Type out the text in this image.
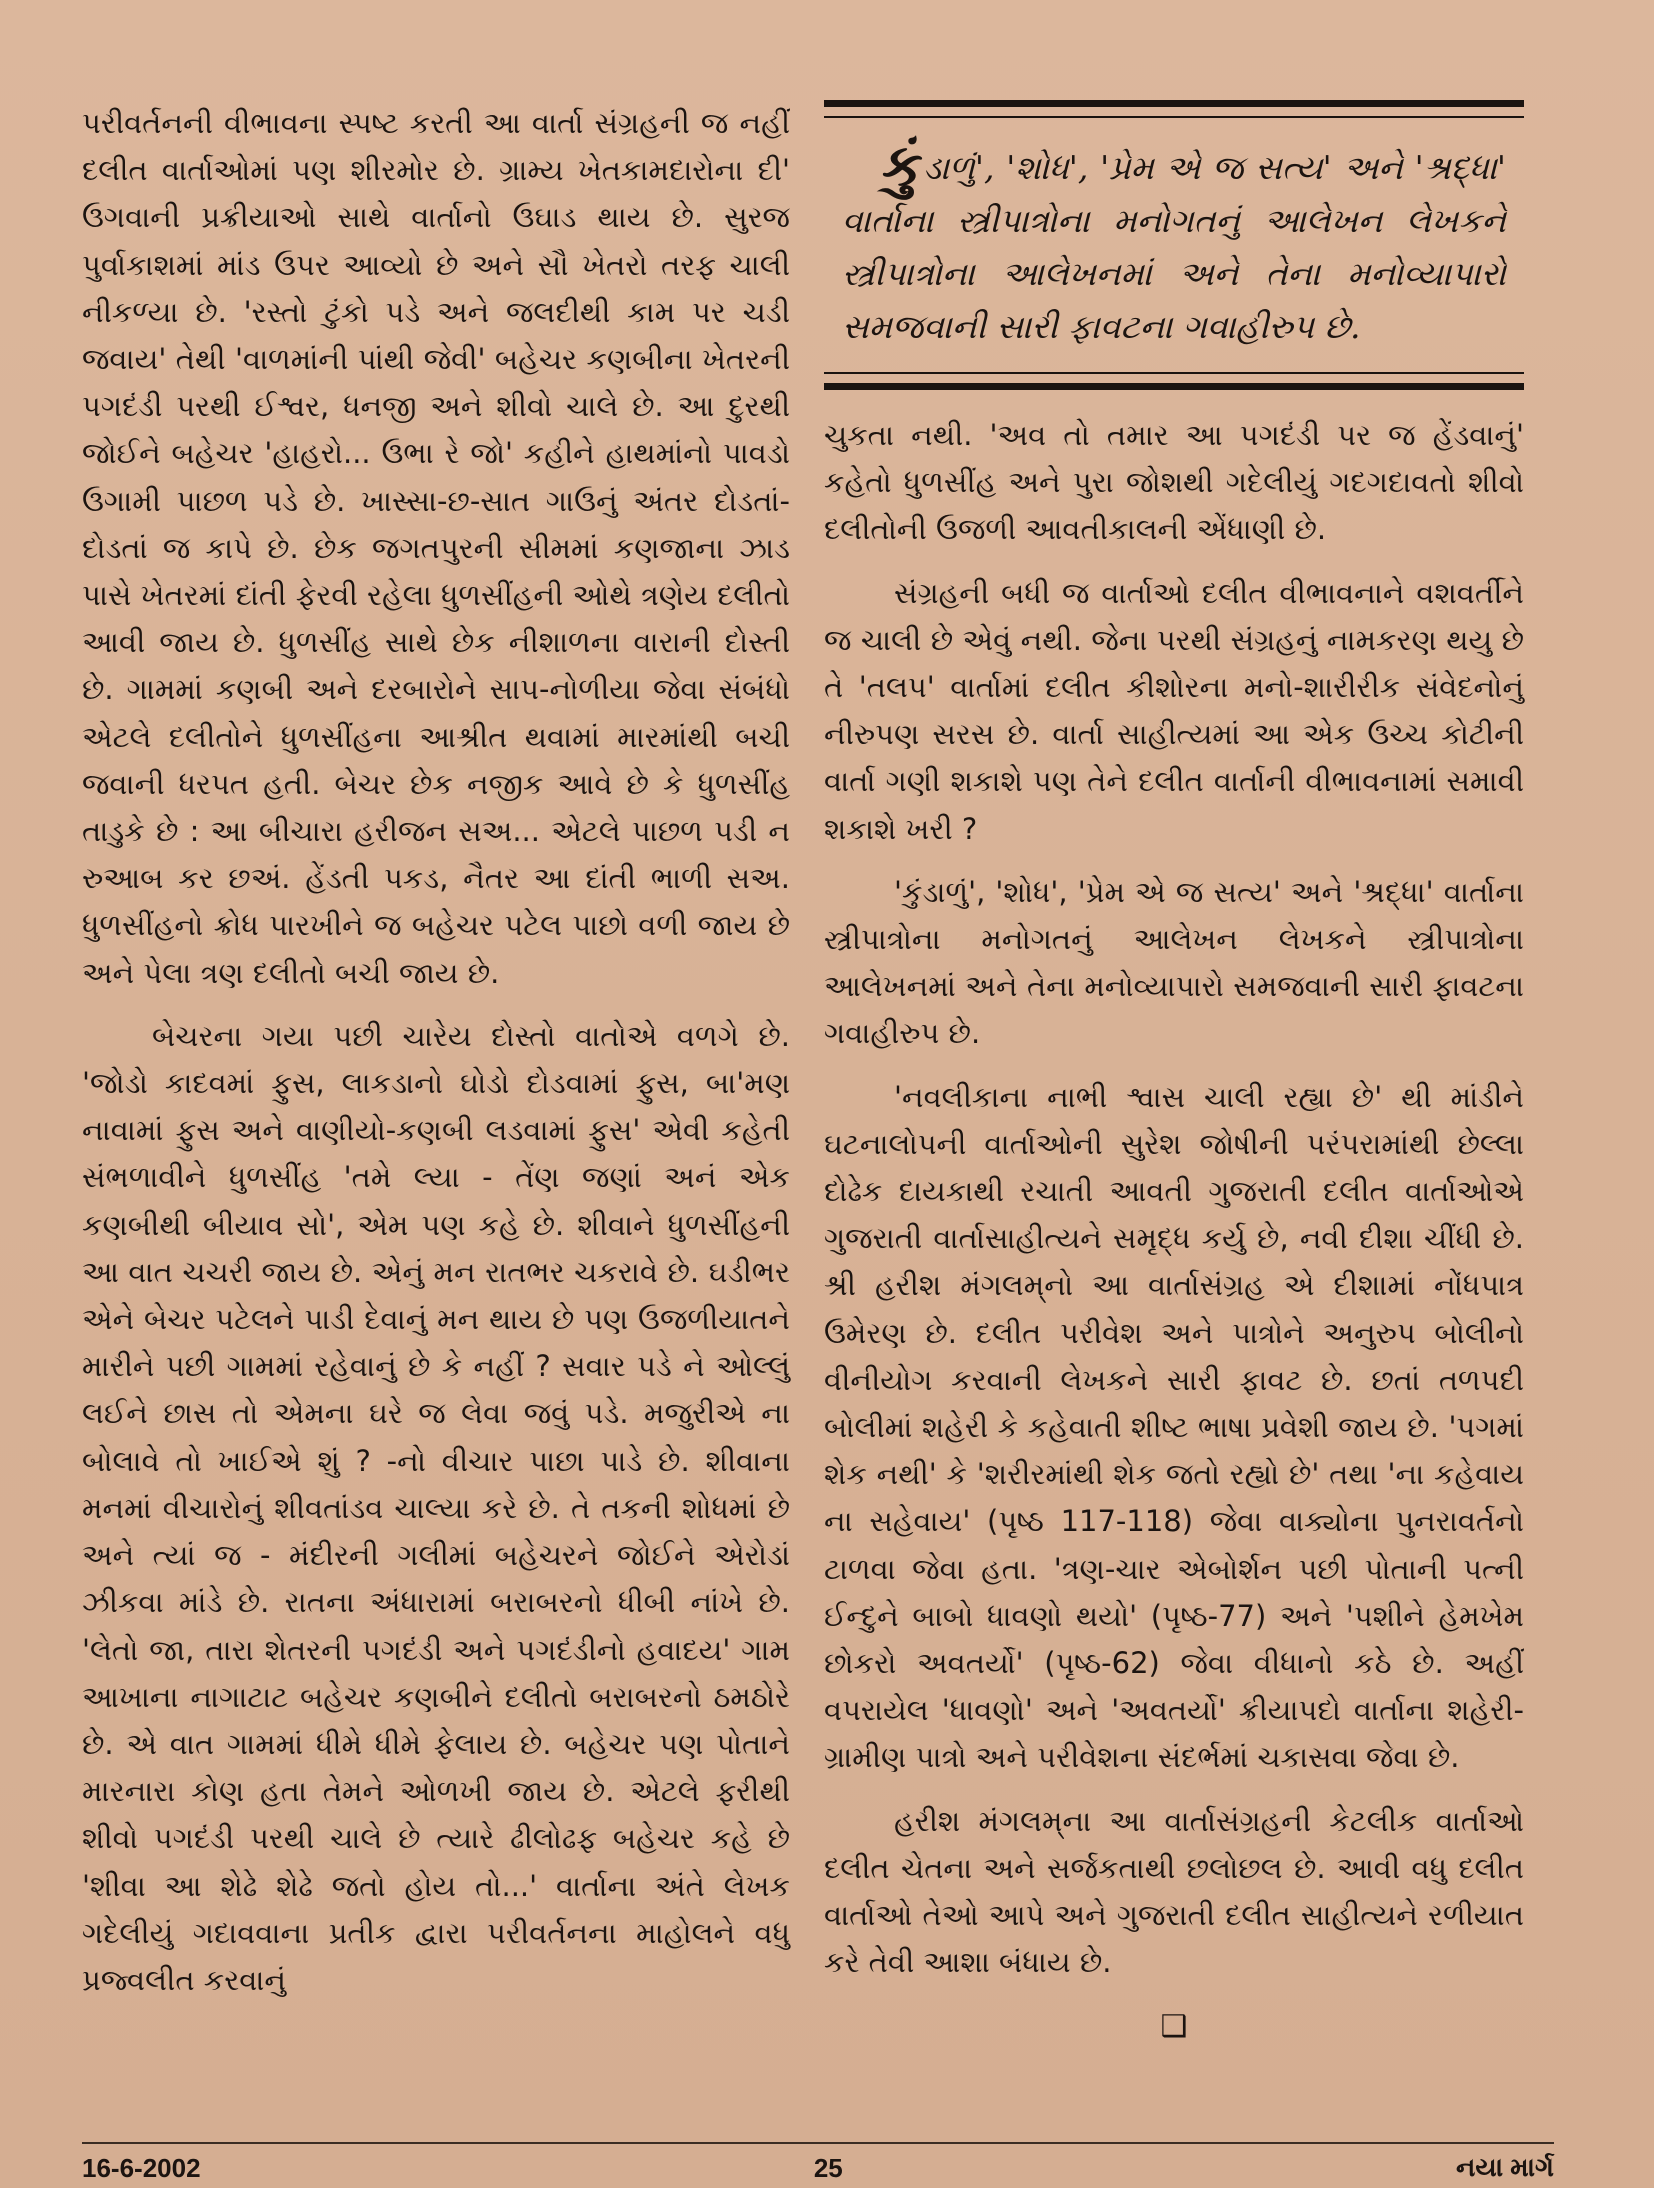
પરીવર્તનની વીભાવના સ્પષ્ટ કરતી આ વાર્તા સંગ્રહની જ નહીં દલીત વાર્તાઓમાં પણ શીરમોર છે. ગ્રામ્ય ખેતકામદારોના દી' ઉગવાની પ્રક્રીયાઓ સાથે વાર્તાનો ઉઘાડ થાય છે. સુરજ પુર્વાકાશમાં માંડ ઉપર આવ્યો છે અને સૌ ખેતરો તરફ ચાલી નીકળ્યા છે. 'રસ્તો ટુંકો પડે અને જલદીથી કામ પર ચડી જવાય' તેથી 'વાળમાંની પાંથી જેવી' બહેચર કણબીના ખેતરની પગદંડી પરથી ઈશ્વર, ધનજી અને શીવો ચાલે છે. આ દુરથી જોઈને બહેચર 'હાહરો... ઉભા રે જો' કહીને હાથમાંનો પાવડો ઉગામી પાછળ પડે છે. ખાસ્સા-છ-સાત ગાઉનું અંતર દોડતાં-દોડતાં જ કાપે છે. છેક જગતપુરની સીમમાં કણજાના ઝાડ પાસે ખેતરમાં દાંતી ફેરવી રહેલા ધુળસીંહની ઓથે ત્રણેય દલીતો આવી જાય છે. ધુળસીંહ સાથે છેક નીશાળના વારાની દોસ્તી છે. ગામમાં કણબી અને દરબારોને સાપ-નોળીયા જેવા સંબંધો એટલે દલીતોને ધુળસીંહના આશ્રીત થવામાં મારમાંથી બચી જવાની ધરપત હતી. બેચર છેક નજીક આવે છે કે ધુળસીંહ તાડુકે છે : આ બીચારા હરીજન સઅ... એટલે પાછળ પડી ન રુઆબ કર છઅં. હેંડતી પકડ, નૈતર આ દાંતી ભાળી સઅ. ધુળસીંહનો ક્રોધ પારખીને જ બહેચર પટેલ પાછો વળી જાય છે અને પેલા ત્રણ દલીતો બચી જાય છે.

બેચરના ગયા પછી ચારેય દોસ્તો વાતોએ વળગે છે. 'જોડો કાદવમાં ફુસ, લાકડાનો ઘોડો દોડવામાં ફુસ, બા'મણ નાવામાં ફુસ અને વાણીયો-કણબી લડવામાં ફુસ' એવી કહેતી સંભળાવીને ધુળસીંહ 'તમે લ્યા - તેંણ જણાં અનં એક કણબીથી બીયાવ સો', એમ પણ કહે છે. શીવાને ધુળસીંહની આ વાત ચચરી જાય છે. એનું મન રાતભર ચકરાવે છે. ઘડીભર એને બેચર પટેલને પાડી દેવાનું મન થાય છે પણ ઉજળીયાતને મારીને પછી ગામમાં રહેવાનું છે કે નહીં ? સવાર પડે ને ઓલ્લું લઈને છાસ તો એમના ઘરે જ લેવા જવું પડે. મજુરીએ ના બોલાવે તો ખાઈએ શું ? -નો વીચાર પાછા પાડે છે. શીવાના મનમાં વીચારોનું શીવતાંડવ ચાલ્યા કરે છે. તે તકની શોધમાં છે અને ત્યાં જ - મંદીરની ગલીમાં બહેચરને જોઈને એરોડાં ઝીકવા માંડે છે. રાતના અંધારામાં બરાબરનો ધીબી નાંખે છે. 'લેતો જા, તારા શેતરની પગદંડી અને પગદંડીનો હવાદય' ગામ આખાના નાગાટાટ બહેચર કણબીને દલીતો બરાબરનો ઠમઠોરે છે. એ વાત ગામમાં ધીમે ધીમે ફેલાય છે. બહેચર પણ પોતાને મારનારા કોણ હતા તેમને ઓળખી જાય છે. એટલે ફરીથી શીવો પગદંડી પરથી ચાલે છે ત્યારે ઢીલોઢફ બહેચર કહે છે 'શીવા આ શેઢે શેઢે જતો હોય તો...' વાર્તાના અંતે લેખક ગદેલીયું ગદાવવાના પ્રતીક દ્વારા પરીવર્તનના માહોલને વધુ પ્રજ્વલીત કરવાનું

કુંડાળું', 'શોધ', 'પ્રેમ એ જ સત્ય' અને 'શ્રદ્ધા' વાર્તાના સ્ત્રીપાત્રોના મનોગતનું આલેખન લેખકને સ્ત્રીપાત્રોના આલેખનમાં અને તેના મનોવ્યાપારો સમજવાની સારી ફાવટના ગવાહીરુપ છે.

ચુકતા નથી. 'અવ તો તમાર આ પગદંડી પર જ હેંડવાનું' કહેતો ધુળસીંહ અને પુરા જોશથી ગદેલીયું ગદગદાવતો શીવો દલીતોની ઉજળી આવતીકાલની એંધાણી છે.

સંગ્રહની બધી જ વાર્તાઓ દલીત વીભાવનાને વશવર્તીને જ ચાલી છે એવું નથી. જેના પરથી સંગ્રહનું નામકરણ થયુ છે તે 'તલપ' વાર્તામાં દલીત કીશોરના મનો-શારીરીક સંવેદનોનું નીરુપણ સરસ છે. વાર્તા સાહીત્યમાં આ એક ઉચ્ચ કોટીની વાર્તા ગણી શકાશે પણ તેને દલીત વાર્તાની વીભાવનામાં સમાવી શકાશે ખરી ?

'કુંડાળું', 'શોધ', 'પ્રેમ એ જ સત્ય' અને 'શ્રદ્ધા' વાર્તાના સ્ત્રીપાત્રોના મનોગતનું આલેખન લેખકને સ્ત્રીપાત્રોના આલેખનમાં અને તેના મનોવ્યાપારો સમજવાની સારી ફાવટના ગવાહીરુપ છે.

'નવલીકાના નાભી શ્વાસ ચાલી રહ્યા છે' થી માંડીને ઘટનાલોપની વાર્તાઓની સુરેશ જોષીની પરંપરામાંથી છેલ્લા દોઢેક દાયકાથી રચાતી આવતી ગુજરાતી દલીત વાર્તાઓએ ગુજરાતી વાર્તાસાહીત્યને સમૃદ્ધ કર્યુ છે, નવી દીશા ચીંધી છે. શ્રી હરીશ મંગલમ્‌નો આ વાર્તાસંગ્રહ એ દીશામાં નોંધપાત્ર ઉમેરણ છે. દલીત પરીવેશ અને પાત્રોને અનુરુપ બોલીનો વીનીયોગ કરવાની લેખકને સારી ફાવટ છે. છતાં તળપદી બોલીમાં શહેરી કે કહેવાતી શીષ્ટ ભાષા પ્રવેશી જાય છે. 'પગમાં શેક નથી' કે 'શરીરમાંથી શેક જતો રહ્યો છે' તથા 'ના કહેવાય ના સહેવાય' (પૃષ્ઠ 117-118) જેવા વાક્યોના પુનરાવર્તનો ટાળવા જેવા હતા. 'ત્રણ-ચાર એબોર્શન પછી પોતાની પત્ની ઈન્દુને બાબો ધાવણો થયો' (પૃષ્ઠ-77) અને 'પશીને હેમખેમ છોકરો અવતર્યો' (પૃષ્ઠ-62) જેવા વીધાનો કઠે છે. અહીં વપરાયેલ 'ધાવણો' અને 'અવતર્યો' ક્રીયાપદો વાર્તાના શહેરી-ગ્રામીણ પાત્રો અને પરીવેશના સંદર્ભમાં ચકાસવા જેવા છે.

હરીશ મંગલમ્‌ના આ વાર્તાસંગ્રહની કેટલીક વાર્તાઓ દલીત ચેતના અને સર્જકતાથી છલોછલ છે. આવી વધુ દલીત વાર્તાઓ તેઓ આપે અને ગુજરાતી દલીત સાહીત્યને રળીયાત કરે તેવી આશા બંધાય છે.

❑
16-6-2002	25	નયા માર્ગ
